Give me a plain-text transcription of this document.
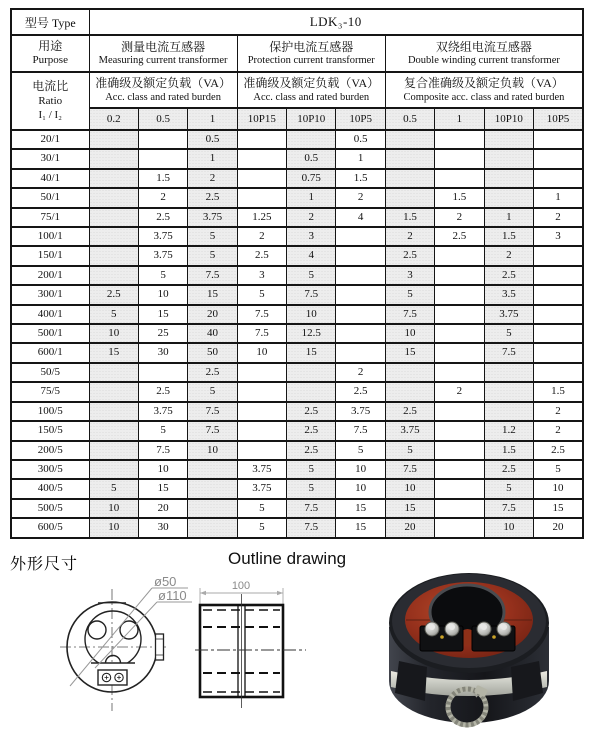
型号 Type	LDK₃-10									

用途
Purpose

测量电流互感器
Measuring current transformer

保护电流互感器
Protection current transformer

双绕组电流互感器
Double winding current transformer

电流比
Ratio
I₁ / I₂

准确级及额定负载（VA）
Acc. class and rated burden

准确级及额定负载（VA）
Acc. class and rated burden

复合准确级及额定负载（VA）
Composite acc. class and rated burden

	0.2	0.5	1	10P15	10P10	10P5	0.5	1	10P10	10P5
20/1			0.5			0.5				
30/1			1		0.5	1				
40/1		1.5	2		0.75	1.5				
50/1		2	2.5		1	2		1.5		1
75/1		2.5	3.75	1.25	2	4	1.5	2	1	2
100/1		3.75	5	2	3		2	2.5	1.5	3
150/1		3.75	5	2.5	4		2.5		2	
200/1		5	7.5	3	5		3		2.5	
300/1	2.5	10	15	5	7.5		5		3.5	
400/1	5	15	20	7.5	10		7.5		3.75	
500/1	10	25	40	7.5	12.5		10		5	
600/1	15	30	50	10	15		15		7.5	
50/5			2.5			2				
75/5		2.5	5			2.5		2		1.5
100/5		3.75	7.5		2.5	3.75	2.5			2
150/5		5	7.5		2.5	7.5	3.75		1.2	2
200/5		7.5	10		2.5	5	5		1.5	2.5
300/5		10		3.75	5	10	7.5		2.5	5
400/5	5	15		3.75	5	10	10		5	10
500/5	10	20		5	7.5	15	15		7.5	15
600/5	10	30		5	7.5	15	20		10	20
外形尺寸	Outline drawing
ø50
ø110
100
